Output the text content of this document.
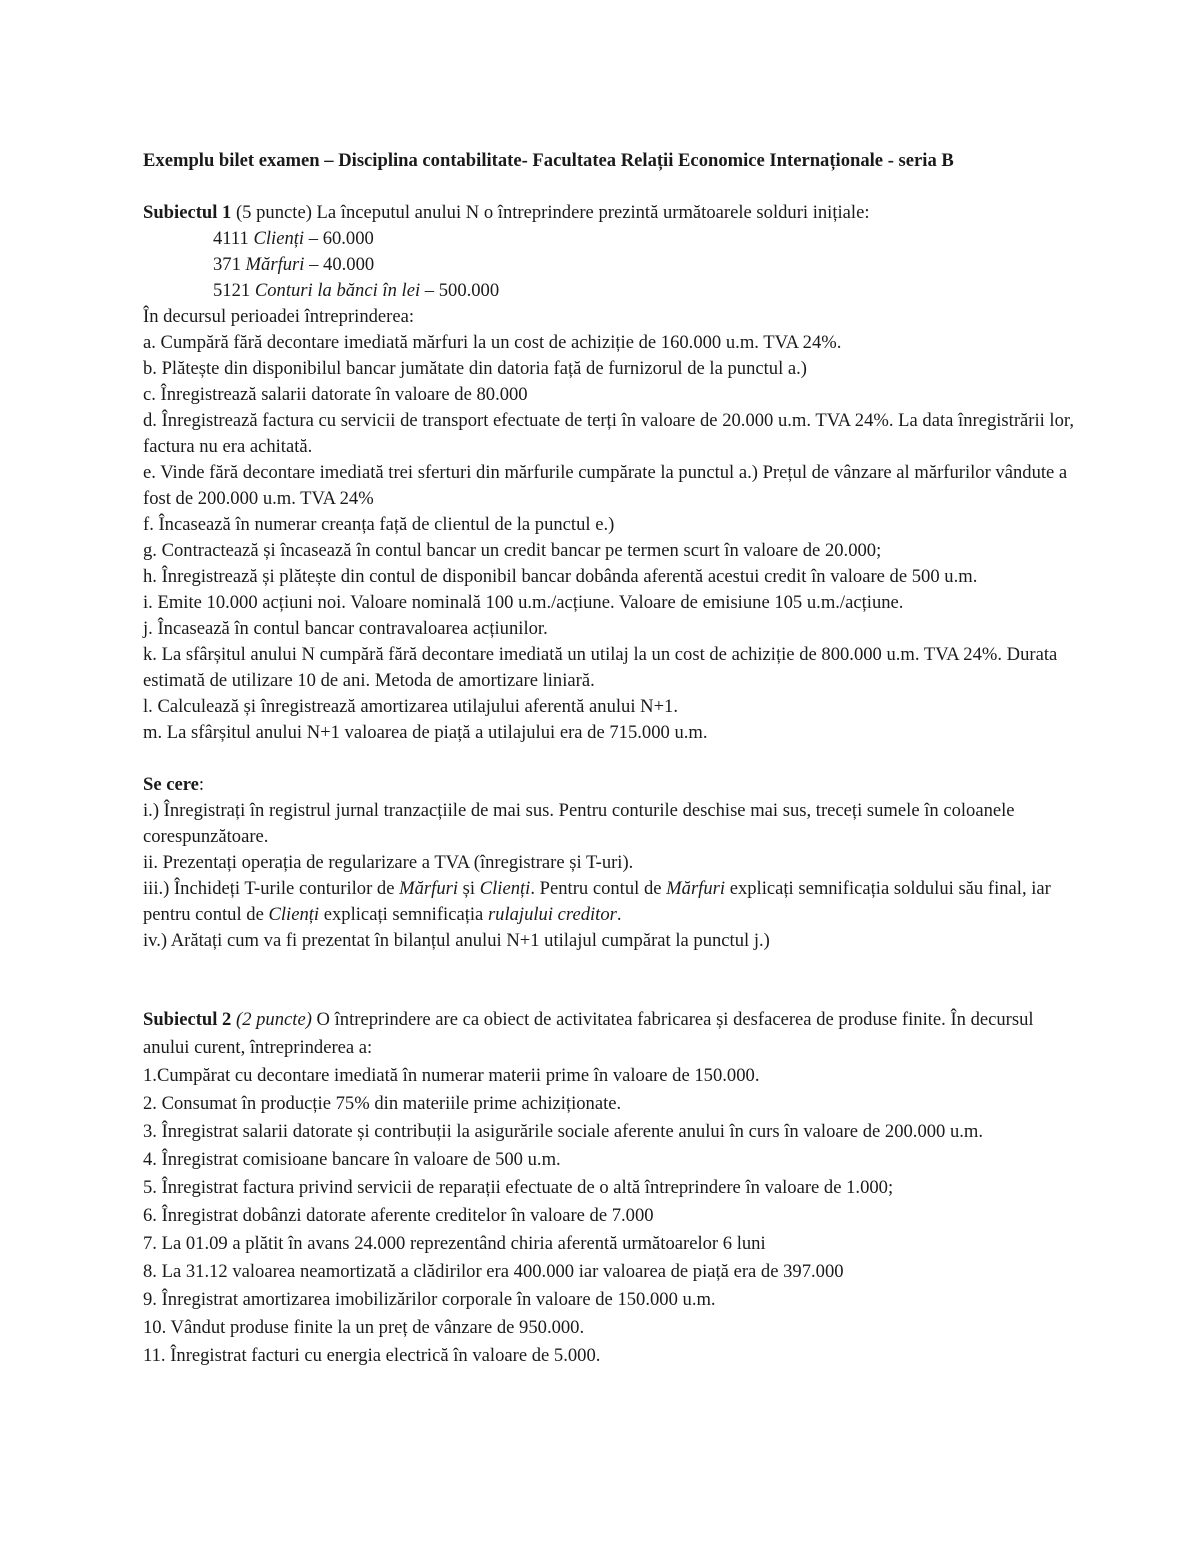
Exemplu bilet examen – Disciplina contabilitate- Facultatea Relații Economice Internaționale - seria B

Subiectul 1 (5 puncte) La începutul anului N o întreprindere prezintă următoarele solduri inițiale:

4111 Clienți – 60.000

371 Mărfuri – 40.000

5121 Conturi la bănci în lei – 500.000

În decursul perioadei întreprinderea:

a. Cumpără fără decontare imediată mărfuri la un cost de achiziție de 160.000 u.m. TVA 24%.

b. Plătește din disponibilul bancar jumătate din datoria față de furnizorul de la punctul a.)

c. Înregistrează salarii datorate în valoare de 80.000

d. Înregistrează factura cu servicii de transport efectuate de terți în valoare de 20.000 u.m. TVA 24%. La data înregistrării lor, factura nu era achitată.

e. Vinde fără decontare imediată trei sferturi din mărfurile cumpărate la punctul a.) Prețul de vânzare al mărfurilor vândute a fost de 200.000 u.m. TVA 24%

f. Încasează în numerar creanța față de clientul de la punctul e.)

g. Contractează și încasează în contul bancar un credit bancar pe termen scurt în valoare de 20.000;

h. Înregistrează și plătește din contul de disponibil bancar dobânda aferentă acestui credit în valoare de 500 u.m.

i. Emite 10.000 acțiuni noi. Valoare nominală 100 u.m./acțiune. Valoare de emisiune 105 u.m./acțiune.

j. Încasează în contul bancar contravaloarea acțiunilor.

k. La sfârșitul anului N cumpără fără decontare imediată un utilaj la un cost de achiziție de 800.000 u.m. TVA 24%. Durata estimată de utilizare 10 de ani. Metoda de amortizare liniară.

l. Calculează și înregistrează amortizarea utilajului aferentă anului N+1.

m. La sfârșitul anului N+1 valoarea de piață a utilajului era de 715.000 u.m.

Se cere:

i.) Înregistrați în registrul jurnal tranzacțiile de mai sus. Pentru conturile deschise mai sus, treceți sumele în coloanele corespunzătoare.

ii. Prezentați operația de regularizare a TVA (înregistrare și T-uri).

iii.) Închideți T-urile conturilor de Mărfuri și Clienți. Pentru contul de Mărfuri explicați semnificația soldului său final, iar pentru contul de Clienți explicați semnificația rulajului creditor.

iv.) Arătați cum va fi prezentat în bilanțul anului N+1 utilajul cumpărat la punctul j.)

Subiectul 2 (2 puncte) O întreprindere are ca obiect de activitatea fabricarea și desfacerea de produse finite. În decursul anului curent, întreprinderea a:

1.Cumpărat cu decontare imediată în numerar materii prime în valoare de 150.000.

2. Consumat în producție 75% din materiile prime achiziționate.

3. Înregistrat salarii datorate și contribuții la asigurările sociale aferente anului în curs în valoare de 200.000 u.m.

4. Înregistrat comisioane bancare în valoare de 500 u.m.

5. Înregistrat factura privind servicii de reparații efectuate de o altă întreprindere în valoare de 1.000;

6. Înregistrat dobânzi datorate aferente creditelor în valoare de 7.000

7. La 01.09 a plătit în avans 24.000 reprezentând chiria aferentă următoarelor 6 luni

8. La 31.12 valoarea neamortizată a clădirilor era 400.000 iar valoarea de piață era de 397.000

9. Înregistrat amortizarea imobilizărilor corporale în valoare de 150.000 u.m.

10. Vândut produse finite la un preț de vânzare de 950.000.

11. Înregistrat facturi cu energia electrică în valoare de 5.000.
